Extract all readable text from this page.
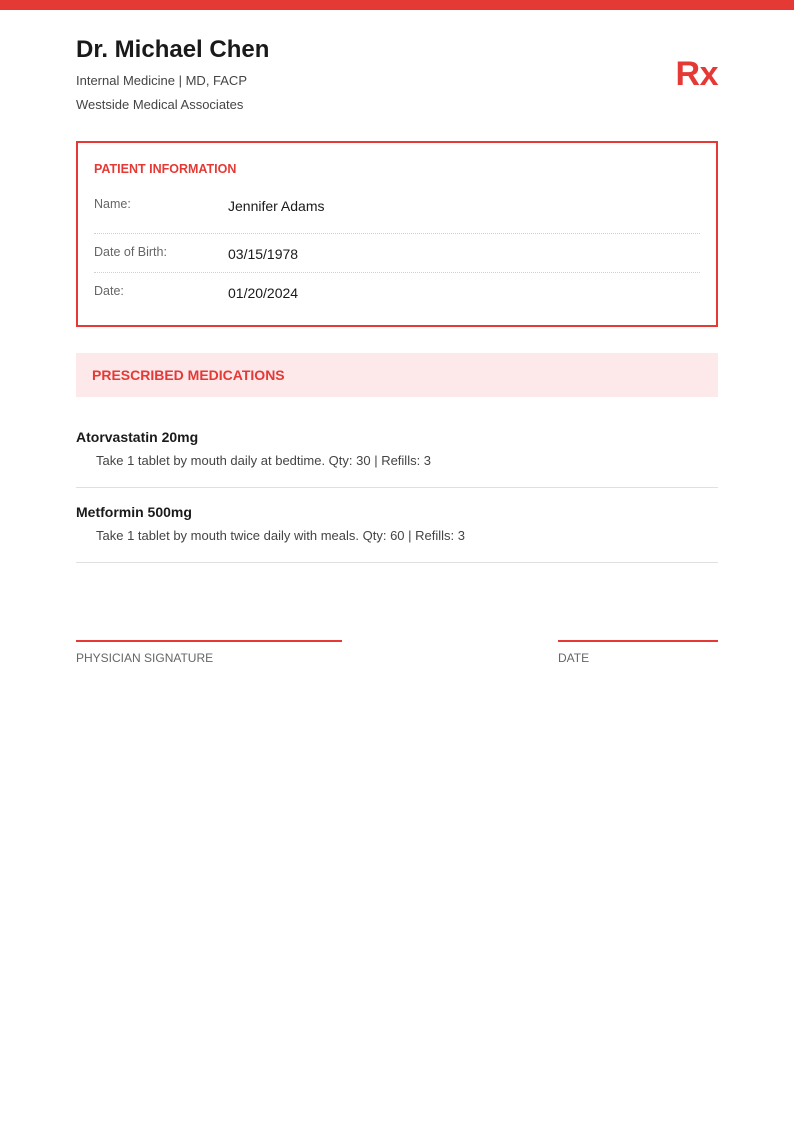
Dr. Michael Chen
Internal Medicine | MD, FACP
Westside Medical Associates
Rx
PATIENT INFORMATION
Name:	Jennifer Adams
Date of Birth:	03/15/1978
Date:	01/20/2024
PRESCRIBED MEDICATIONS
Atorvastatin 20mg
Take 1 tablet by mouth daily at bedtime. Qty: 30 | Refills: 3
Metformin 500mg
Take 1 tablet by mouth twice daily with meals. Qty: 60 | Refills: 3
PHYSICIAN SIGNATURE	DATE
